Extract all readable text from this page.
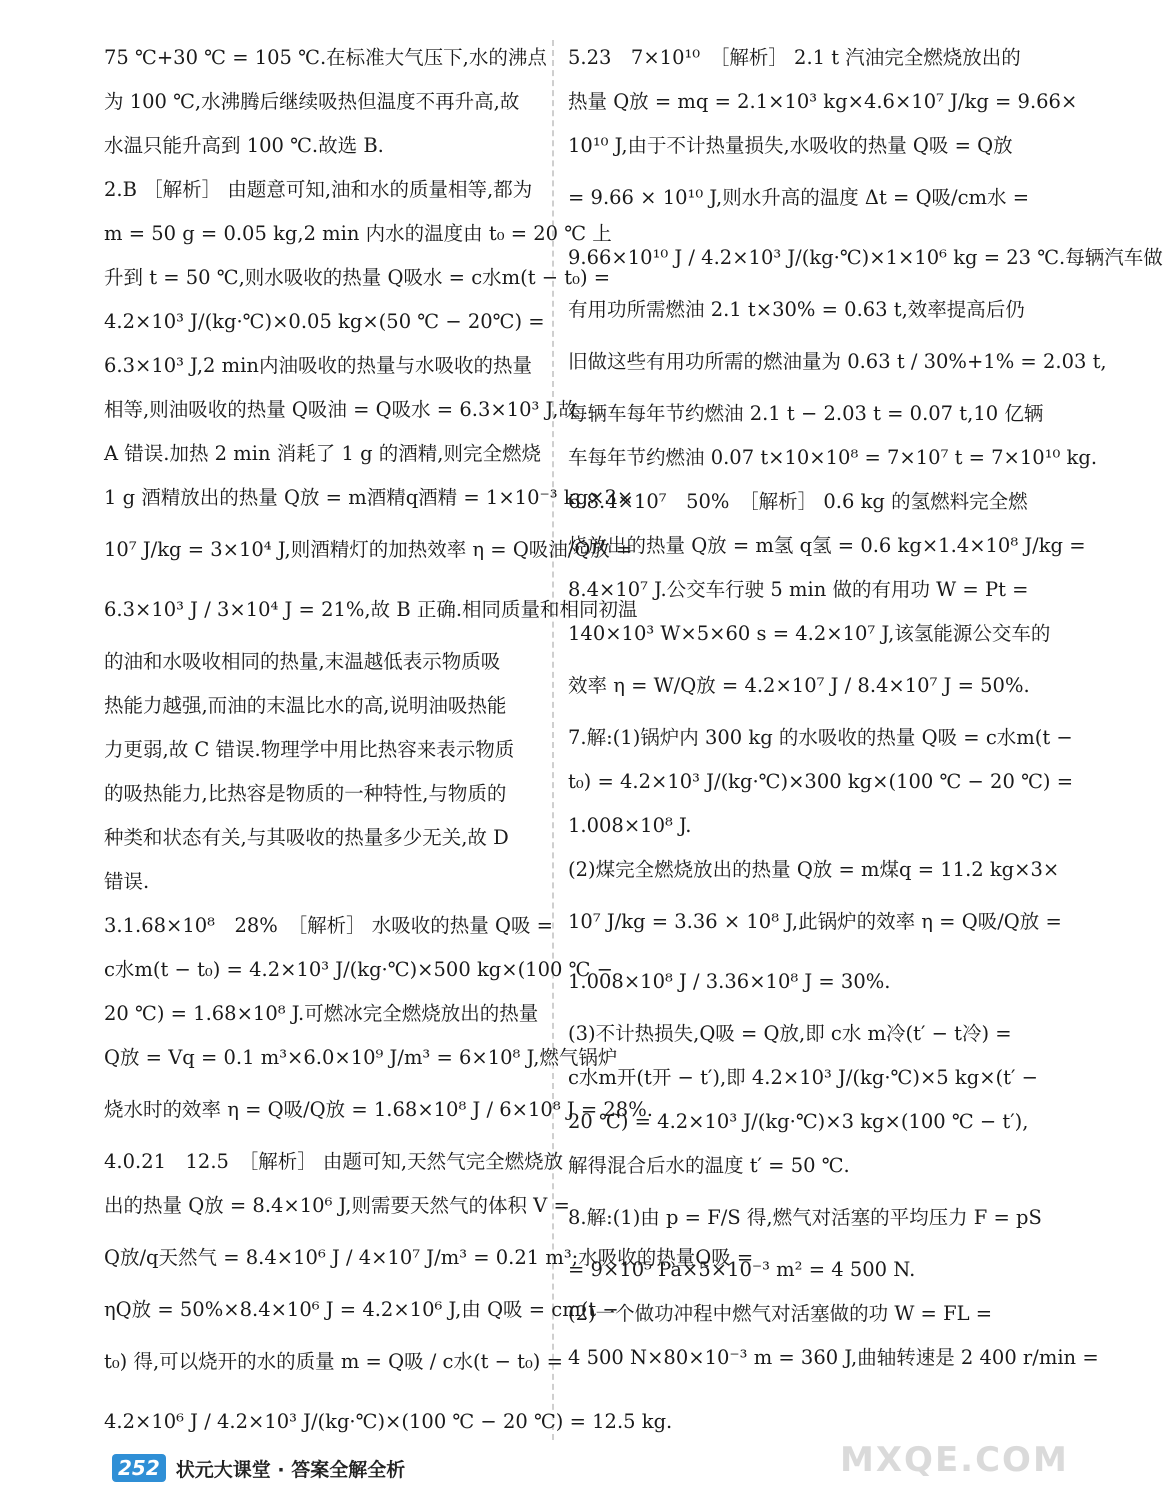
75 ℃+30 ℃ = 105 ℃.在标准大气压下,水的沸点
为 100 ℃,水沸腾后继续吸热但温度不再升高,故
水温只能升高到 100 ℃.故选 B.
2.B ［解析］ 由题意可知,油和水的质量相等,都为
m = 50 g = 0.05 kg,2 min 内水的温度由 t₀ = 20 ℃ 上
升到 t = 50 ℃,则水吸收的热量 Q吸水 = c水m(t − t₀) =
4.2×10³ J/(kg·℃)×0.05 kg×(50 ℃ − 20℃) =
6.3×10³ J,2 min内油吸收的热量与水吸收的热量
相等,则油吸收的热量 Q吸油 = Q吸水 = 6.3×10³ J,故
A 错误.加热 2 min 消耗了 1 g 的酒精,则完全燃烧
1 g 酒精放出的热量 Q放 = m酒精q酒精 = 1×10⁻³ kg×3×
10⁷ J/kg = 3×10⁴ J,则酒精灯的加热效率 η = Q吸油/Q放 =
6.3×10³ J / 3×10⁴ J = 21%,故 B 正确.相同质量和相同初温
的油和水吸收相同的热量,末温越低表示物质吸
热能力越强,而油的末温比水的高,说明油吸热能
力更弱,故 C 错误.物理学中用比热容来表示物质
的吸热能力,比热容是物质的一种特性,与物质的
种类和状态有关,与其吸收的热量多少无关,故 D
错误.
3.1.68×10⁸　28%　［解析］ 水吸收的热量 Q吸 =
c水m(t − t₀) = 4.2×10³ J/(kg·℃)×500 kg×(100 ℃ −
20 ℃) = 1.68×10⁸ J.可燃冰完全燃烧放出的热量
Q放 = Vq = 0.1 m³×6.0×10⁹ J/m³ = 6×10⁸ J,燃气锅炉
烧水时的效率 η = Q吸/Q放 = 1.68×10⁸ J / 6×10⁸ J = 28%.
4.0.21　12.5　［解析］ 由题可知,天然气完全燃烧放
出的热量 Q放 = 8.4×10⁶ J,则需要天然气的体积 V =
Q放/q天然气 = 8.4×10⁶ J / 4×10⁷ J/m³ = 0.21 m³;水吸收的热量Q吸 =
ηQ放 = 50%×8.4×10⁶ J = 4.2×10⁶ J,由 Q吸 = cm(t −
t₀) 得,可以烧开的水的质量 m = Q吸 / c水(t − t₀) =
4.2×10⁶ J / 4.2×10³ J/(kg·℃)×(100 ℃ − 20 ℃) = 12.5 kg.
5.23　7×10¹⁰　［解析］ 2.1 t 汽油完全燃烧放出的
热量 Q放 = mq = 2.1×10³ kg×4.6×10⁷ J/kg = 9.66×
10¹⁰ J,由于不计热量损失,水吸收的热量 Q吸 = Q放
= 9.66 × 10¹⁰ J,则水升高的温度 Δt = Q吸/cm水 =
9.66×10¹⁰ J / 4.2×10³ J/(kg·℃)×1×10⁶ kg = 23 ℃.每辆汽车做
有用功所需燃油 2.1 t×30% = 0.63 t,效率提高后仍
旧做这些有用功所需的燃油量为 0.63 t / 30%+1% = 2.03 t,
每辆车每年节约燃油 2.1 t − 2.03 t = 0.07 t,10 亿辆
车每年节约燃油 0.07 t×10×10⁸ = 7×10⁷ t = 7×10¹⁰ kg.
6.8.4×10⁷　50%　［解析］ 0.6 kg 的氢燃料完全燃
烧放出的热量 Q放 = m氢 q氢 = 0.6 kg×1.4×10⁸ J/kg =
8.4×10⁷ J.公交车行驶 5 min 做的有用功 W = Pt =
140×10³ W×5×60 s = 4.2×10⁷ J,该氢能源公交车的
效率 η = W/Q放 = 4.2×10⁷ J / 8.4×10⁷ J = 50%.
7.解:(1)锅炉内 300 kg 的水吸收的热量 Q吸 = c水m(t −
t₀) = 4.2×10³ J/(kg·℃)×300 kg×(100 ℃ − 20 ℃) =
1.008×10⁸ J.
(2)煤完全燃烧放出的热量 Q放 = m煤q = 11.2 kg×3×
10⁷ J/kg = 3.36 × 10⁸ J,此锅炉的效率 η = Q吸/Q放 =
1.008×10⁸ J / 3.36×10⁸ J = 30%.
(3)不计热损失,Q吸 = Q放,即 c水 m冷(t′ − t冷) =
c水m开(t开 − t′),即 4.2×10³ J/(kg·℃)×5 kg×(t′ −
20 ℃) = 4.2×10³ J/(kg·℃)×3 kg×(100 ℃ − t′),
解得混合后水的温度 t′ = 50 ℃.
8.解:(1)由 p = F/S 得,燃气对活塞的平均压力 F = pS
= 9×10⁵ Pa×5×10⁻³ m² = 4 500 N.
(2)一个做功冲程中燃气对活塞做的功 W = FL =
4 500 N×80×10⁻³ m = 360 J,曲轴转速是 2 400 r/min =
252 状元大课堂 · 答案全解全析	MXQE.COM
